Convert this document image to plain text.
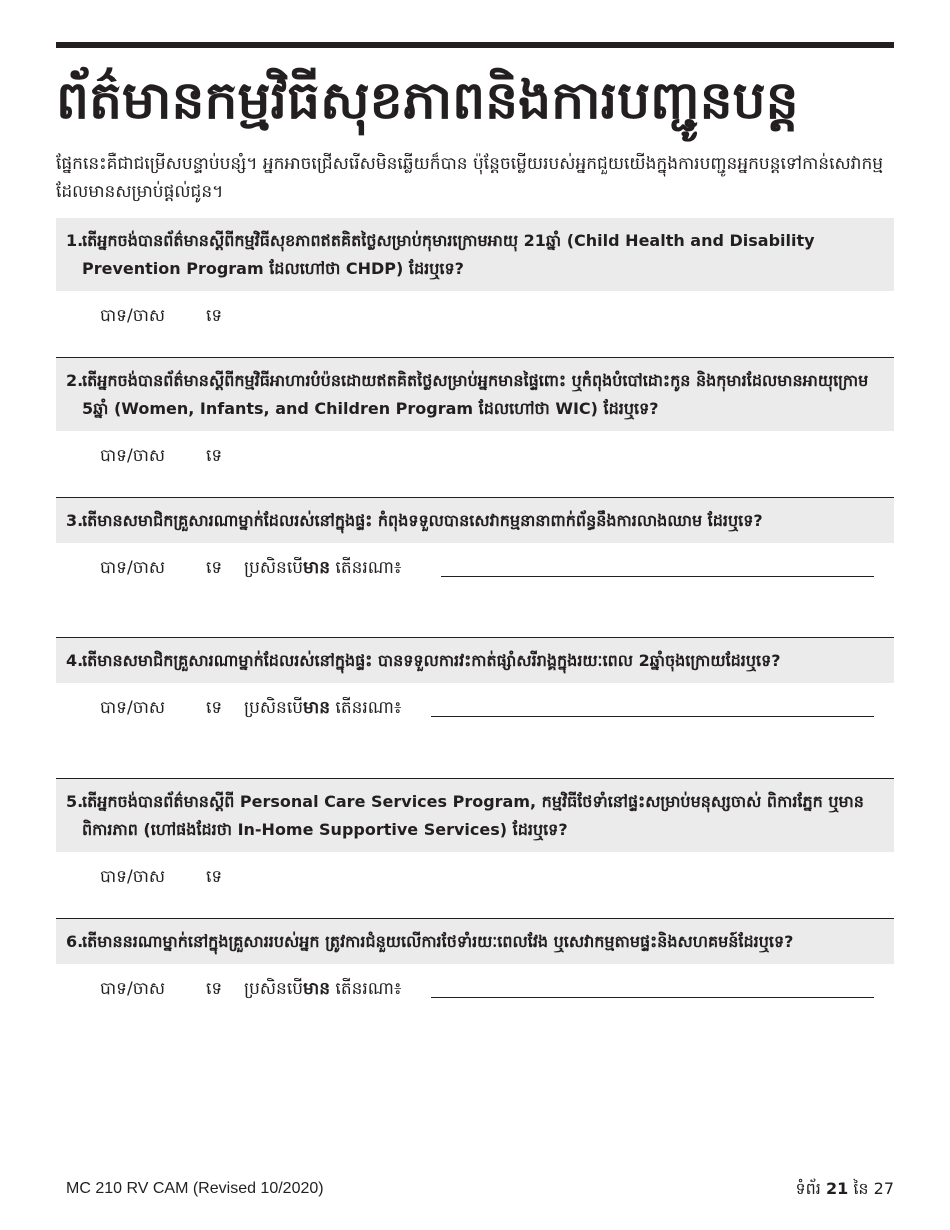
ព័ត៌មានកម្មវិធីសុខភាពនិងការបញ្ជូនបន្ត
ផ្នែកនេះគឺជាជម្រើសបន្ទាប់បន្សំ។ អ្នកអាចជ្រើសរើសមិនឆ្លើយក៏បាន ប៉ុន្តែចម្លើយរបស់អ្នកជួយយើងក្នុងការបញ្ជូនអ្នកបន្តទៅកាន់សេវាកម្មដែលមានសម្រាប់ផ្តល់ជូន។
1.
តើអ្នកចង់បានព័ត៌មានស្ដីពីកម្មវិធីសុខភាពឥតគិតថ្លៃសម្រាប់កុមារក្រោមអាយុ 21ឆ្នាំ (Child Health and Disability Prevention Program ដែលហៅថា CHDP) ដែរឬទេ?
បាទ/ចាស ទេ
2.
តើអ្នកចង់បានព័ត៌មានស្ដីពីកម្មវិធីអាហារបំប៉នដោយឥតគិតថ្លៃសម្រាប់អ្នកមានផ្ទៃពោះ ឬកំពុងបំបៅដោះកូន និងកុមារដែលមានអាយុក្រោម 5ឆ្នាំ (Women, Infants, and Children Program ដែលហៅថា WIC) ដែរឬទេ?
បាទ/ចាស ទេ
3.
តើមានសមាជិកគ្រួសារណាម្នាក់ដែលរស់នៅក្នុងផ្ទះ កំពុងទទួលបានសេវាកម្មនានាពាក់ព័ន្ធនឹងការលាងឈាម ដែរឬទេ?
បាទ/ចាស ទេ ប្រសិនបើមាន តើនរណា៖
4.
តើមានសមាជិកគ្រួសារណាម្នាក់ដែលរស់នៅក្នុងផ្ទះ បានទទួលការវះកាត់ផ្សាំសរីរាង្គក្នុងរយៈពេល 2ឆ្នាំចុងក្រោយដែរឬទេ?
បាទ/ចាស ទេ ប្រសិនបើមាន តើនរណា៖
5.
តើអ្នកចង់បានព័ត៌មានស្ដីពី Personal Care Services Program, កម្មវិធីថែទាំនៅផ្ទះសម្រាប់មនុស្សចាស់ ពិការភ្នែក ឬមានពិការភាព (ហៅផងដែរថា In-Home Supportive Services) ដែរឬទេ?
បាទ/ចាស ទេ
6.
តើមាននរណាម្នាក់នៅក្នុងគ្រួសាររបស់អ្នក ត្រូវការជំនួយលើការថែទាំរយៈពេលវែង ឬសេវាកម្មតាមផ្ទះនិងសហគមន៍ដែរឬទេ?
បាទ/ចាស ទេ ប្រសិនបើមាន តើនរណា៖
MC 210 RV CAM (Revised 10/2020)	ទំព័រ 21 នៃ 27
